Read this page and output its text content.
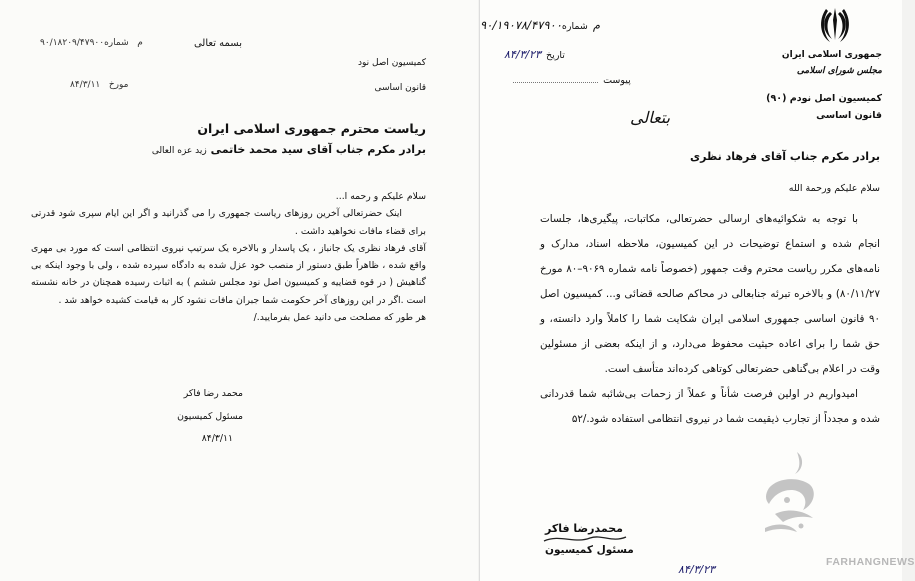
بسمه تعالی
۹۰/۱۸۲۰۹/۴۷۹۰۰م   شماره
کمیسیون اصل نود
۸۴/۳/۱۱ مورخ	قانون اساسی
ریاست محترم جمهوری اسلامی ایران
برادر مکرم جناب آقای سید محمد خاتمی زید عزه العالی

سلام علیکم و رحمه ا...

اینک حضرتعالی آخرین روزهای ریاست جمهوری را می گذرانید و اگر این ایام سپری شود قدرتی برای قضاء مافات نخواهید داشت .

آقای فرهاد نظری یک جانباز ، یک پاسدار و بالاخره یک سرتیپ نیروی انتظامی است که مورد بی مهری واقع شده ، ظاهراً طبق دستور از منصب خود عزل شده به دادگاه سپرده شده ، ولی با وجود اینکه بی گناهیش ( در قوه قضاییه و کمیسیون اصل نود مجلس ششم ) به اثبات رسیده همچنان در خانه نشسته است .اگر در این روزهای آخر حکومت شما جبران مافات نشود کار به قیامت کشیده خواهد شد .

هر طور که مصلحت می دانید عمل بفرمایید./

محمد رضا فاکر
مسئول کمیسیون
۸۴/۳/۱۱
جمهوری اسلامی ایران
مجلس شورای اسلامی
کمیسیون اصل نودم (۹۰)
قانون اساسی
۹۰/۱۹۰۷۸/۴۷۹۰۰م شماره
۸۴/۳/۲۳ تاریخ
پیوست
بتعالی
برادر مکرم جناب آقای فرهاد نظری
سلام علیکم ورحمة الله

با توجه به شکوائیه‌های ارسالی حضرتعالی، مکاتبات، پیگیری‌ها، جلسات انجام شده و استماع توضیحات در این کمیسیون، ملاحظه اسناد، مدارک و نامه‌های مکرر ریاست محترم وقت جمهور (خصوصاً نامه شماره ۹۰۶۹–۸۰ مورخ ۸۰/۱۱/۲۷) و بالاخره تبرئه جنابعالی در محاکم صالحه قضائی و... کمیسیون اصل ۹۰ قانون اساسی جمهوری اسلامی ایران شکایت شما را کاملاً وارد دانسته، و حق شما را برای اعاده حیثیت محفوظ می‌دارد، و از اینکه بعضی از مسئولین وقت در اعلام بی‌گناهی حضرتعالی کوتاهی کرده‌اند متأسف است.

امیدواریم در اولین فرصت شأناً و عملاً از زحمات بی‌شائبه شما قدردانی شده و مجدداً از تجارب ذیقیمت شما در نیروی انتظامی استفاده شود./۵۲

محمدرضا فاکر
مسئول کمیسیون
۸۴/۳/۲۳
FARHANGNEWS
